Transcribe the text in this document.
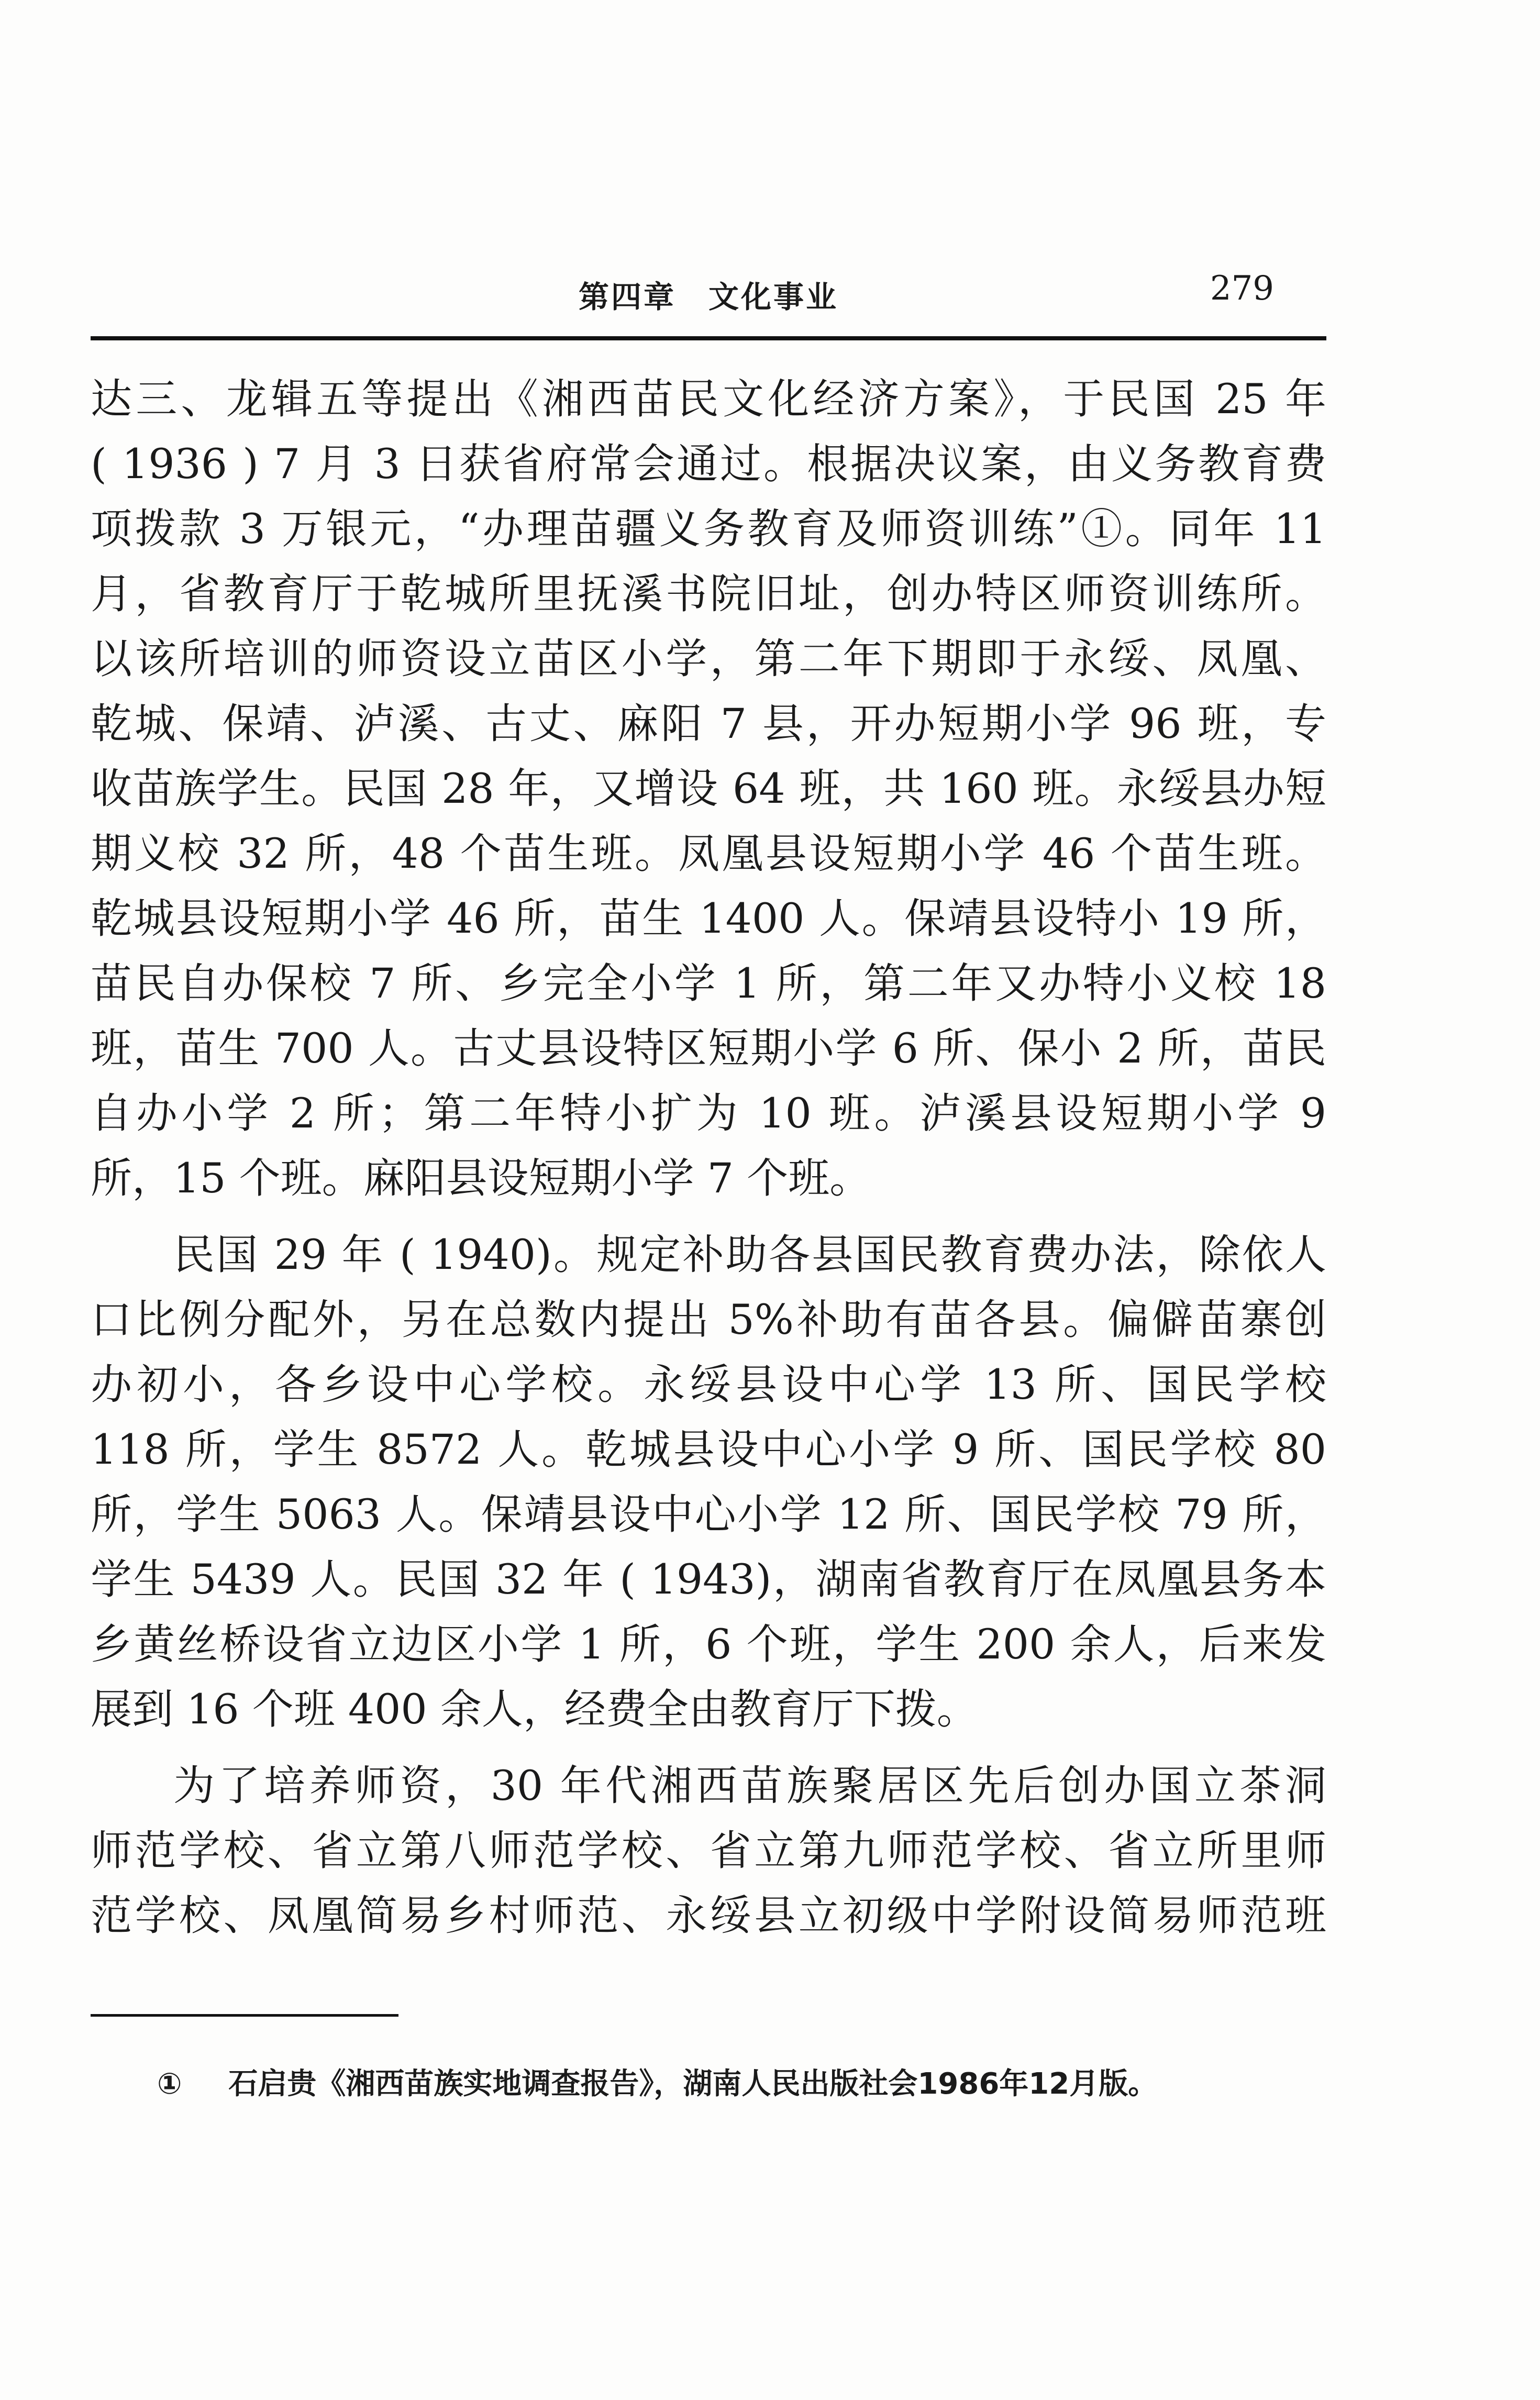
第四章　文化事业	279
达三、龙辑五等提出《湘西苗民文化经济方案》，于民国 25 年
( 1936 ) 7 月 3 日获省府常会通过。根据决议案，由义务教育费
项拨款 3 万银元，“办理苗疆义务教育及师资训练”①。同年 11
月，省教育厅于乾城所里抚溪书院旧址，创办特区师资训练所。
以该所培训的师资设立苗区小学，第二年下期即于永绥、凤凰、
乾城、保靖、泸溪、古丈、麻阳 7 县，开办短期小学 96 班，专
收苗族学生。民国 28 年，又增设 64 班，共 160 班。永绥县办短
期义校 32 所，48 个苗生班。凤凰县设短期小学 46 个苗生班。
乾城县设短期小学 46 所，苗生 1400 人。保靖县设特小 19 所，
苗民自办保校 7 所、乡完全小学 1 所，第二年又办特小义校 18
班，苗生 700 人。古丈县设特区短期小学 6 所、保小 2 所，苗民
自办小学 2 所；第二年特小扩为 10 班。泸溪县设短期小学 9
所，15 个班。麻阳县设短期小学 7 个班。
民国 29 年 ( 1940)。规定补助各县国民教育费办法，除依人
口比例分配外，另在总数内提出 5%补助有苗各县。偏僻苗寨创
办初小，各乡设中心学校。永绥县设中心学 13 所、国民学校
118 所，学生 8572 人。乾城县设中心小学 9 所、国民学校 80
所，学生 5063 人。保靖县设中心小学 12 所、国民学校 79 所，
学生 5439 人。民国 32 年 ( 1943)，湖南省教育厅在凤凰县务本
乡黄丝桥设省立边区小学 1 所，6 个班，学生 200 余人，后来发
展到 16 个班 400 余人，经费全由教育厅下拨。
为了培养师资，30 年代湘西苗族聚居区先后创办国立茶洞
师范学校、省立第八师范学校、省立第九师范学校、省立所里师
范学校、凤凰简易乡村师范、永绥县立初级中学附设简易师范班
① 石启贵《湘西苗族实地调查报告》，湖南人民出版社会1986年12月版。
